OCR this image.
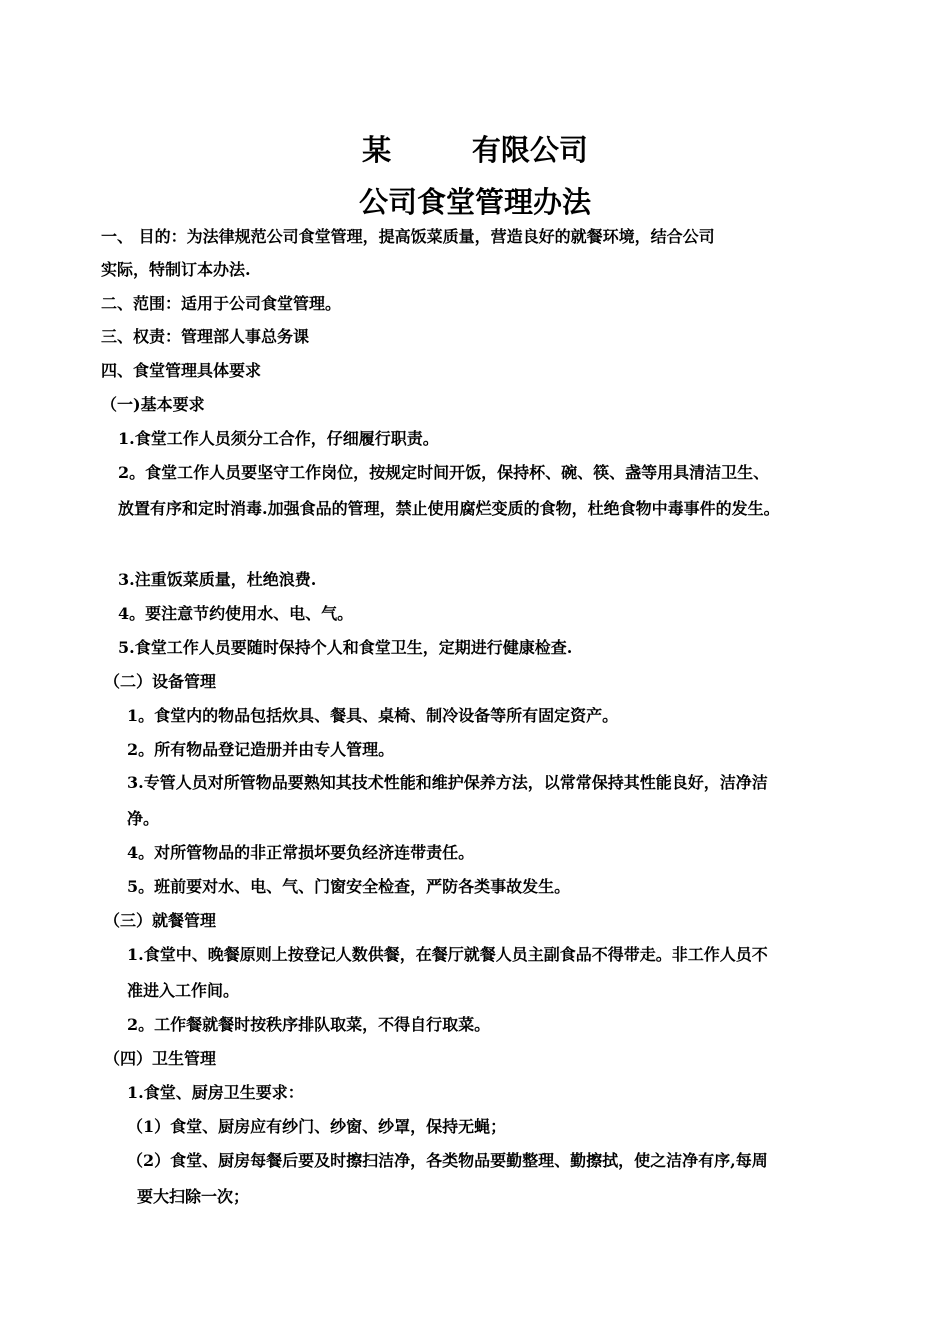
某        有限公司
公司食堂管理办法
一、 目的：为法律规范公司食堂管理，提高饭菜质量，营造良好的就餐环境，结合公司
实际，特制订本办法.
二、范围：适用于公司食堂管理。
三、权责：管理部人事总务课
四、食堂管理具体要求
（一)基本要求
1.食堂工作人员须分工合作，仔细履行职责。
2。食堂工作人员要坚守工作岗位，按规定时间开饭，保持杯、碗、筷、盏等用具清洁卫生、
放置有序和定时消毒.加强食品的管理，禁止使用腐烂变质的食物，杜绝食物中毒事件的发生。
3.注重饭菜质量，杜绝浪费.
4。要注意节约使用水、电、气。
5.食堂工作人员要随时保持个人和食堂卫生，定期进行健康检查.
（二）设备管理
1。食堂内的物品包括炊具、餐具、桌椅、制冷设备等所有固定资产。
2。所有物品登记造册并由专人管理。
3.专管人员对所管物品要熟知其技术性能和维护保养方法，以常常保持其性能良好，洁净洁
净。
4。对所管物品的非正常损坏要负经济连带责任。
5。班前要对水、电、气、门窗安全检查，严防各类事故发生。
（三）就餐管理
1.食堂中、晚餐原则上按登记人数供餐，在餐厅就餐人员主副食品不得带走。非工作人员不
准进入工作间。
2。工作餐就餐时按秩序排队取菜，不得自行取菜。
（四）卫生管理
1.食堂、厨房卫生要求：
（1）食堂、厨房应有纱门、纱窗、纱罩，保持无蝇；
（2）食堂、厨房每餐后要及时擦扫洁净，各类物品要勤整理、勤擦拭，使之洁净有序,每周
要大扫除一次；
